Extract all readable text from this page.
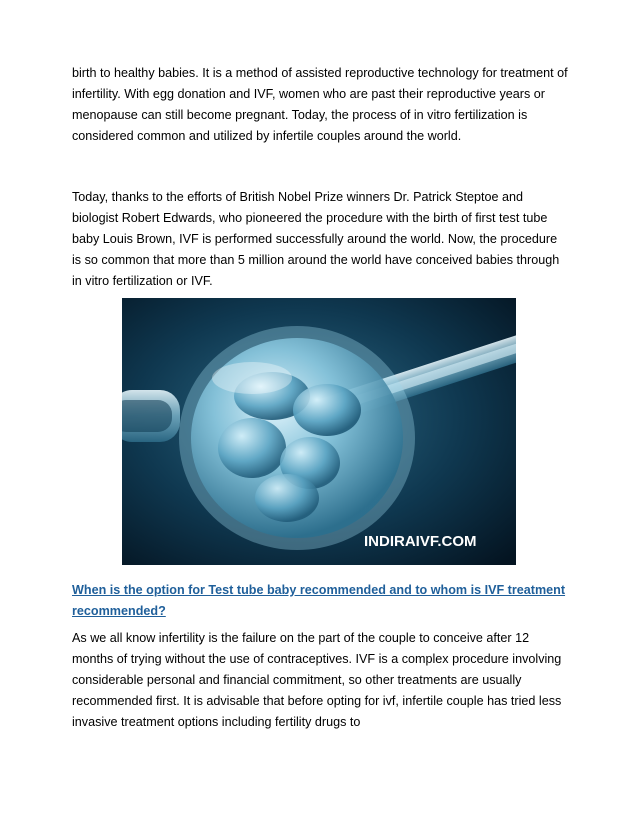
birth to healthy babies. It is a method of assisted reproductive technology for treatment of infertility. With egg donation and IVF, women who are past their reproductive years or menopause can still become pregnant. Today, the process of in vitro fertilization is considered common and utilized by infertile couples around the world.

Today, thanks to the efforts of British Nobel Prize winners Dr. Patrick Steptoe and biologist Robert Edwards, who pioneered the procedure with the birth of first test tube baby Louis Brown, IVF is performed successfully around the world. Now, the procedure is so common that more than 5 million around the world have conceived babies through in vitro fertilization or IVF.

INDIRAIVF.COM
When is the option for Test tube baby recommended and to whom is IVF treatment recommended?

As we all know infertility is the failure on the part of the couple to conceive after 12 months of trying without the use of contraceptives. IVF is a complex procedure involving considerable personal and financial commitment, so other treatments are usually recommended first. It is advisable that before opting for ivf, infertile couple has tried less invasive treatment options including fertility drugs to
